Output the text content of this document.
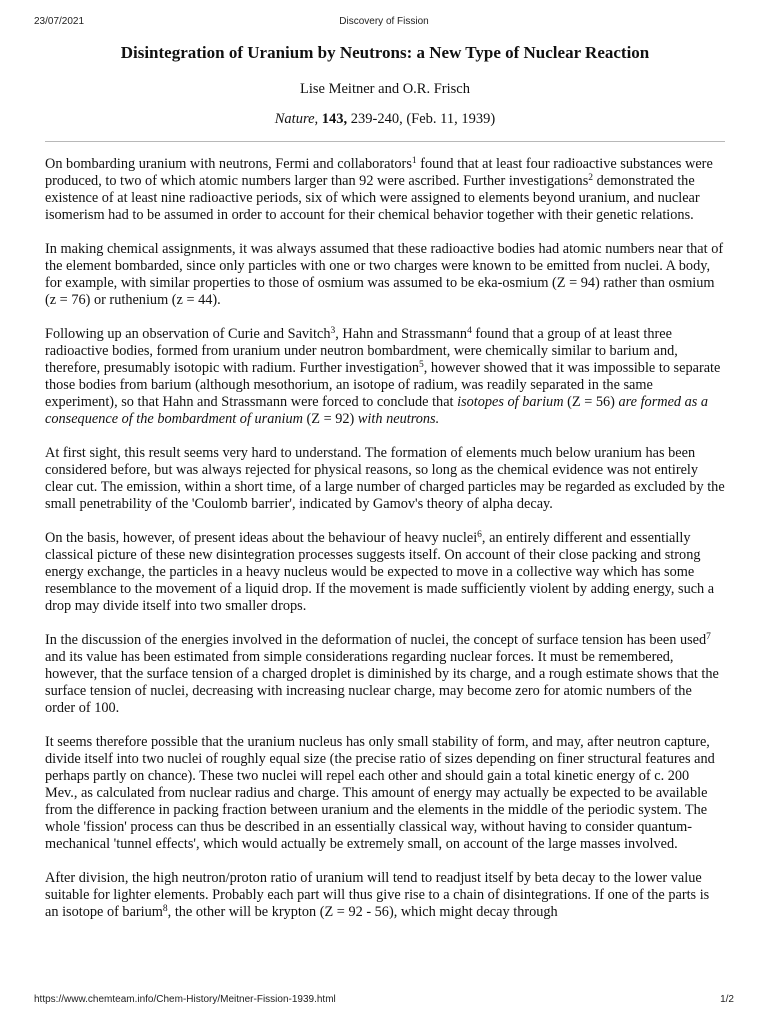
23/07/2021	Discovery of Fission
Disintegration of Uranium by Neutrons: a New Type of Nuclear Reaction
Lise Meitner and O.R. Frisch
Nature, 143, 239-240, (Feb. 11, 1939)

On bombarding uranium with neutrons, Fermi and collaborators$^1$ found that at least four radioactive substances were produced, to two of which atomic numbers larger than 92 were ascribed. Further investigations$^2$ demonstrated the existence of at least nine radioactive periods, six of which were assigned to elements beyond uranium, and nuclear isomerism had to be assumed in order to account for their chemical behavior together with their genetic relations.

In making chemical assignments, it was always assumed that these radioactive bodies had atomic numbers near that of the element bombarded, since only particles with one or two charges were known to be emitted from nuclei. A body, for example, with similar properties to those of osmium was assumed to be eka-osmium (Z = 94) rather than osmium (z = 76) or ruthenium (z = 44).

Following up an observation of Curie and Savitch$^3$, Hahn and Strassmann$^4$ found that a group of at least three radioactive bodies, formed from uranium under neutron bombardment, were chemically similar to barium and, therefore, presumably isotopic with radium. Further investigation$^5$, however showed that it was impossible to separate those bodies from barium (although mesothorium, an isotope of radium, was readily separated in the same experiment), so that Hahn and Strassmann were forced to conclude that isotopes of barium (Z = 56) are formed as a consequence of the bombardment of uranium (Z = 92) with neutrons.

At first sight, this result seems very hard to understand. The formation of elements much below uranium has been considered before, but was always rejected for physical reasons, so long as the chemical evidence was not entirely clear cut. The emission, within a short time, of a large number of charged particles may be regarded as excluded by the small penetrability of the 'Coulomb barrier', indicated by Gamov's theory of alpha decay.

On the basis, however, of present ideas about the behaviour of heavy nuclei$^6$, an entirely different and essentially classical picture of these new disintegration processes suggests itself. On account of their close packing and strong energy exchange, the particles in a heavy nucleus would be expected to move in a collective way which has some resemblance to the movement of a liquid drop. If the movement is made sufficiently violent by adding energy, such a drop may divide itself into two smaller drops.

In the discussion of the energies involved in the deformation of nuclei, the concept of surface tension has been used$^7$ and its value has been estimated from simple considerations regarding nuclear forces. It must be remembered, however, that the surface tension of a charged droplet is diminished by its charge, and a rough estimate shows that the surface tension of nuclei, decreasing with increasing nuclear charge, may become zero for atomic numbers of the order of 100.

It seems therefore possible that the uranium nucleus has only small stability of form, and may, after neutron capture, divide itself into two nuclei of roughly equal size (the precise ratio of sizes depending on finer structural features and perhaps partly on chance). These two nuclei will repel each other and should gain a total kinetic energy of c. 200 Mev., as calculated from nuclear radius and charge. This amount of energy may actually be expected to be available from the difference in packing fraction between uranium and the elements in the middle of the periodic system. The whole 'fission' process can thus be described in an essentially classical way, without having to consider quantum-mechanical 'tunnel effects', which would actually be extremely small, on account of the large masses involved.

After division, the high neutron/proton ratio of uranium will tend to readjust itself by beta decay to the lower value suitable for lighter elements. Probably each part will thus give rise to a chain of disintegrations. If one of the parts is an isotope of barium$^8$, the other will be krypton (Z = 92 - 56), which might decay through

https://www.chemteam.info/Chem-History/Meitner-Fission-1939.html	1/2
